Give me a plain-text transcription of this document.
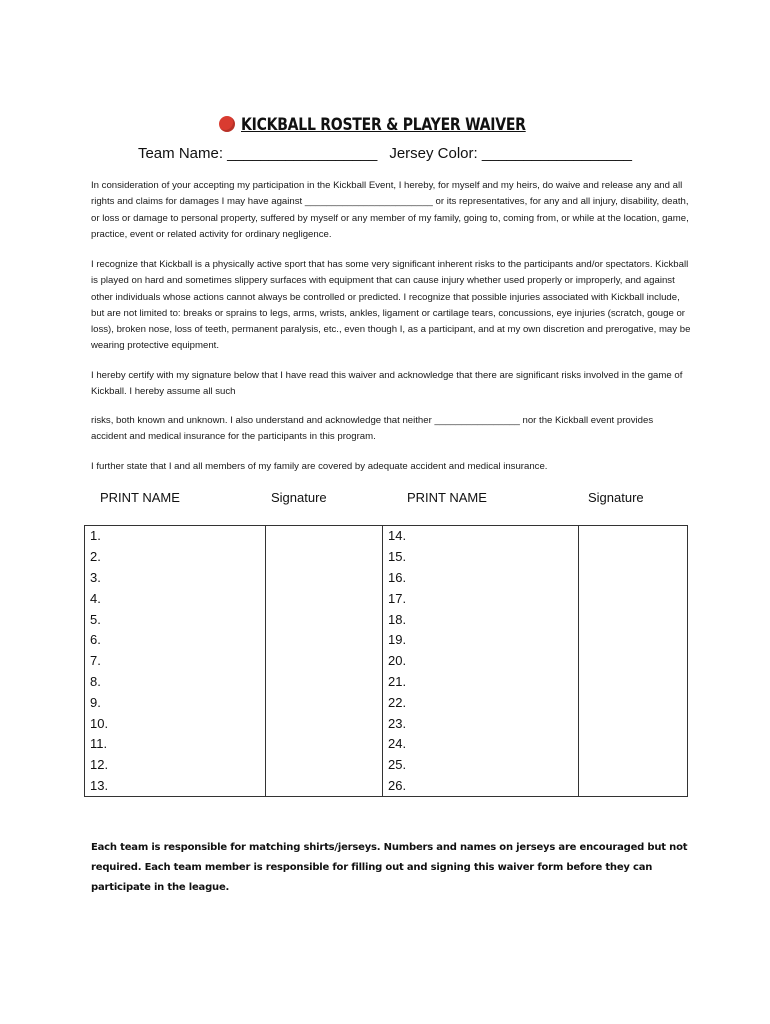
KICKBALL ROSTER & PLAYER WAIVER
Team Name: __________________ Jersey Color: __________________

In consideration of your accepting my participation in the Kickball Event, I hereby, for myself and my heirs, do waive and release any and all rights and claims for damages I may have against ________________________ or its representatives, for any and all injury, disability, death, or loss or damage to personal property, suffered by myself or any member of my family, going to, coming from, or while at the location, game, practice, event or related activity for ordinary negligence.

I recognize that Kickball is a physically active sport that has some very significant inherent risks to the participants and/or spectators. Kickball is played on hard and sometimes slippery surfaces with equipment that can cause injury whether used properly or improperly, and against other individuals whose actions cannot always be controlled or predicted. I recognize that possible injuries associated with Kickball include, but are not limited to: breaks or sprains to legs, arms, wrists, ankles, ligament or cartilage tears, concussions, eye injuries (scratch, gouge or loss), broken nose, loss of teeth, permanent paralysis, etc., even though I, as a participant, and at my own discretion and prerogative, may be wearing protective equipment.

I hereby certify with my signature below that I have read this waiver and acknowledge that there are significant risks involved in the game of Kickball. I hereby assume all such

risks, both known and unknown. I also understand and acknowledge that neither ________________ nor the Kickball event provides accident and medical insurance for the participants in this program.

I further state that I and all members of my family are covered by adequate accident and medical insurance.

PRINT NAME	Signature	PRINT NAME	Signature
1.		14.	
2.		15.	
3.		16.	
4.		17.	
5.		18.	
6.		19.	
7.		20.	
8.		21.	
9.		22.	
10.		23.	
11.		24.	
12.		25.	
13.		26.	

Each team is responsible for matching shirts/jerseys. Numbers and names on jerseys are encouraged but not required. Each team member is responsible for filling out and signing this waiver form before they can participate in the league.
